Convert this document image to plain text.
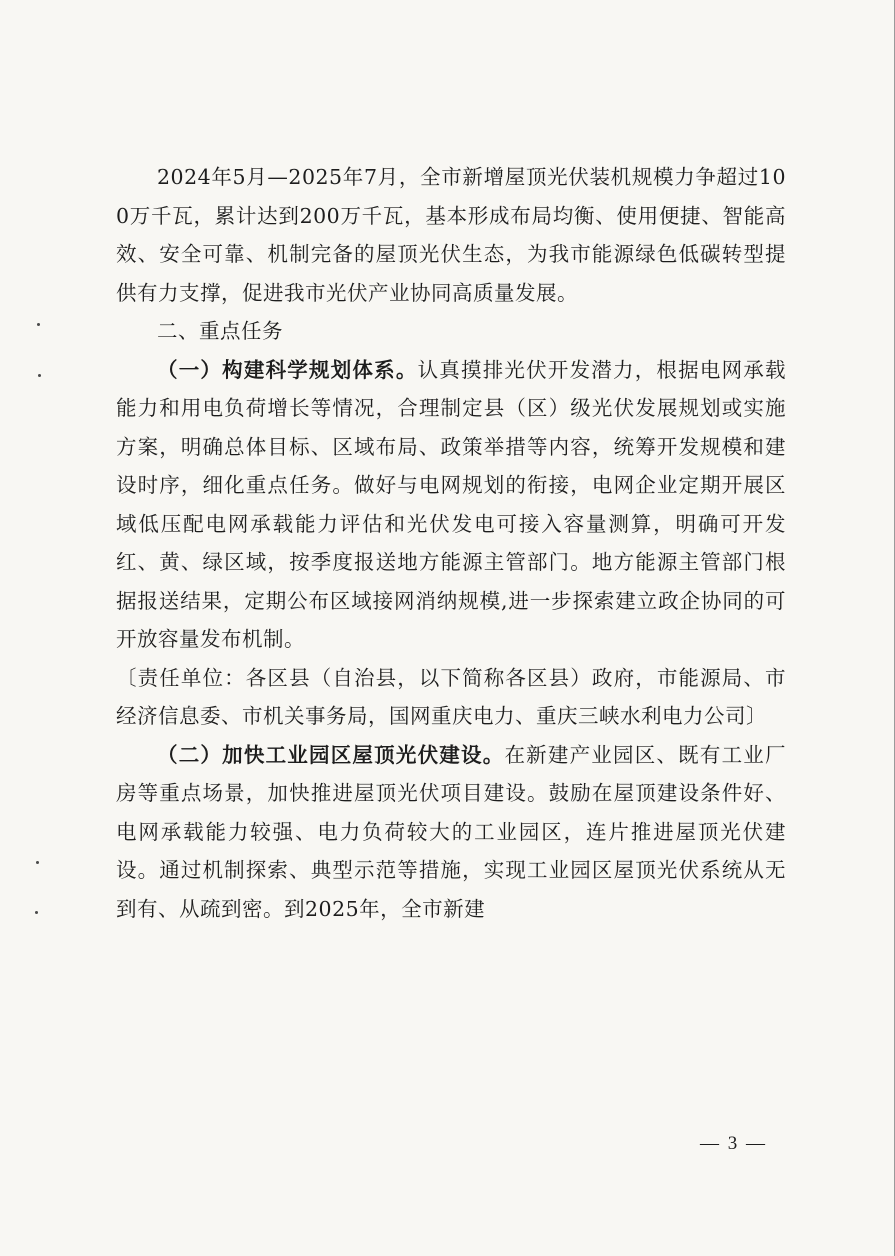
2024年5月—2025年7月，全市新增屋顶光伏装机规模力争超过100万千瓦，累计达到200万千瓦，基本形成布局均衡、使用便捷、智能高效、安全可靠、机制完备的屋顶光伏生态，为我市能源绿色低碳转型提供有力支撑，促进我市光伏产业协同高质量发展。

二、重点任务

（一）构建科学规划体系。认真摸排光伏开发潜力，根据电网承载能力和用电负荷增长等情况，合理制定县（区）级光伏发展规划或实施方案，明确总体目标、区域布局、政策举措等内容，统筹开发规模和建设时序，细化重点任务。做好与电网规划的衔接，电网企业定期开展区域低压配电网承载能力评估和光伏发电可接入容量测算，明确可开发红、黄、绿区域，按季度报送地方能源主管部门。地方能源主管部门根据报送结果，定期公布区域接网消纳规模,进一步探索建立政企协同的可开放容量发布机制。

〔责任单位：各区县（自治县，以下简称各区县）政府，市能源局、市经济信息委、市机关事务局，国网重庆电力、重庆三峡水利电力公司〕

（二）加快工业园区屋顶光伏建设。在新建产业园区、既有工业厂房等重点场景，加快推进屋顶光伏项目建设。鼓励在屋顶建设条件好、电网承载能力较强、电力负荷较大的工业园区，连片推进屋顶光伏建设。通过机制探索、典型示范等措施，实现工业园区屋顶光伏系统从无到有、从疏到密。到2025年，全市新建

— 3 —
